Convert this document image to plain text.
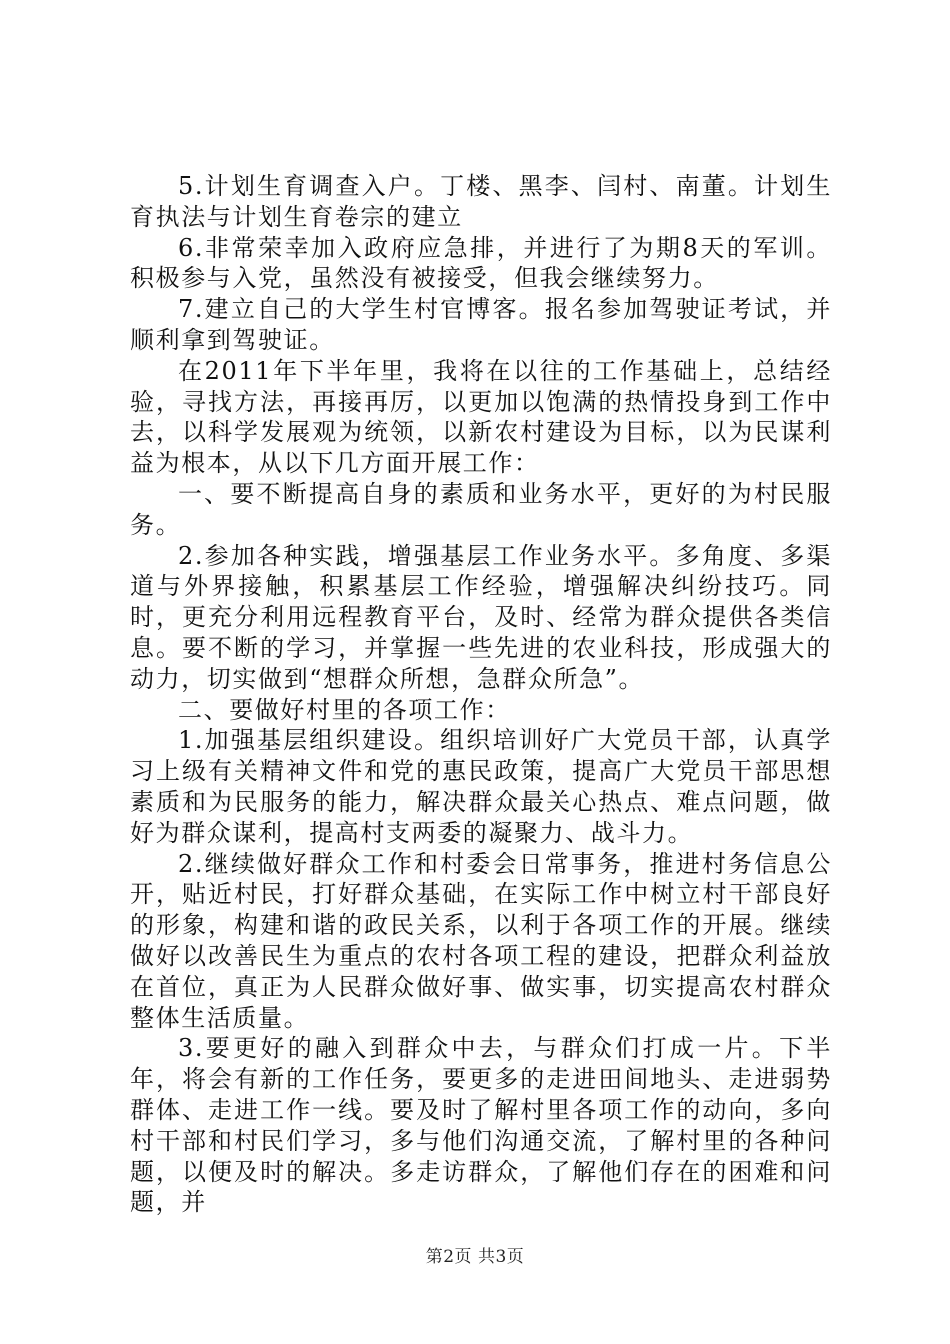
5.计划生育调查入户。丁楼、黑李、闫村、南董。计划生育执法与计划生育卷宗的建立

6.非常荣幸加入政府应急排，并进行了为期8天的军训。积极参与入党，虽然没有被接受，但我会继续努力。

7.建立自己的大学生村官博客。报名参加驾驶证考试，并顺利拿到驾驶证。

在2011年下半年里，我将在以往的工作基础上，总结经验，寻找方法，再接再厉，以更加以饱满的热情投身到工作中去，以科学发展观为统领，以新农村建设为目标，以为民谋利益为根本，从以下几方面开展工作：

一、要不断提高自身的素质和业务水平，更好的为村民服务。

2.参加各种实践，增强基层工作业务水平。多角度、多渠道与外界接触，积累基层工作经验，增强解决纠纷技巧。同时，更充分利用远程教育平台，及时、经常为群众提供各类信息。要不断的学习，并掌握一些先进的农业科技，形成强大的动力，切实做到“想群众所想，急群众所急”。

二、要做好村里的各项工作：

1.加强基层组织建设。组织培训好广大党员干部，认真学习上级有关精神文件和党的惠民政策，提高广大党员干部思想素质和为民服务的能力，解决群众最关心热点、难点问题，做好为群众谋利，提高村支两委的凝聚力、战斗力。

2.继续做好群众工作和村委会日常事务，推进村务信息公开，贴近村民，打好群众基础，在实际工作中树立村干部良好的形象，构建和谐的政民关系，以利于各项工作的开展。继续做好以改善民生为重点的农村各项工程的建设，把群众利益放在首位，真正为人民群众做好事、做实事，切实提高农村群众整体生活质量。

3.要更好的融入到群众中去，与群众们打成一片。下半年，将会有新的工作任务，要更多的走进田间地头、走进弱势群体、走进工作一线。要及时了解村里各项工作的动向，多向村干部和村民们学习，多与他们沟通交流，了解村里的各种问题，以便及时的解决。多走访群众，了解他们存在的困难和问题，并

第2页 共3页
